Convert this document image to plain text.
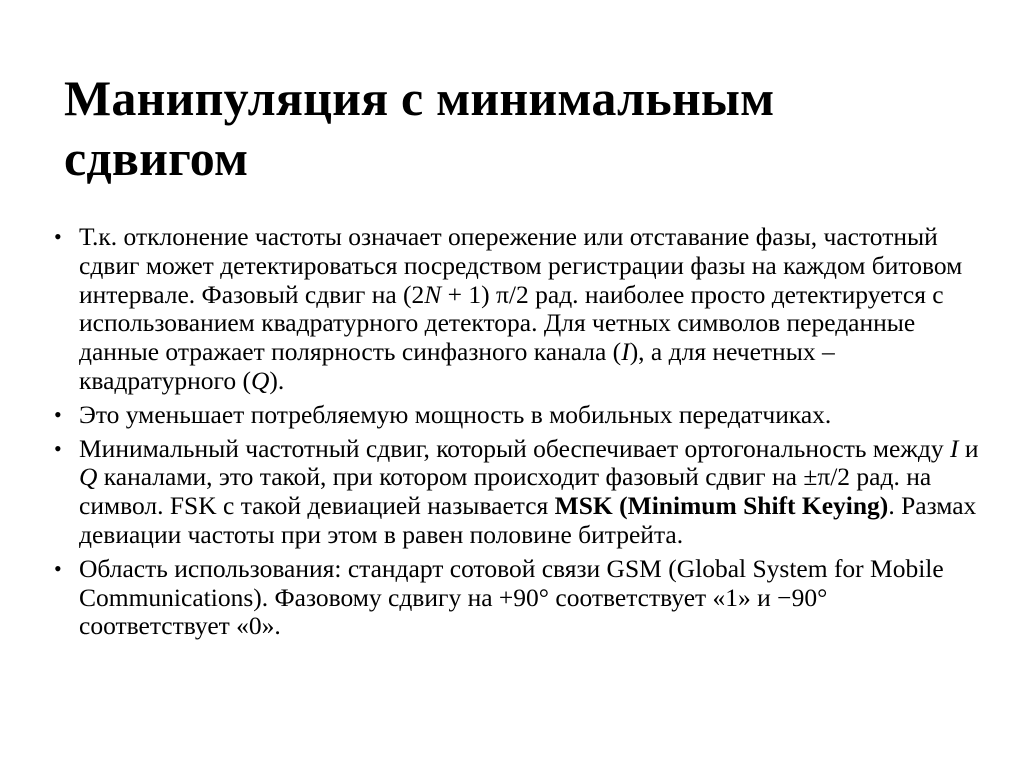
Манипуляция с минимальным
сдвигом
• Т.к. отклонение частоты означает опережение или отставание фазы, частотный сдвиг может детектироваться посредством регистрации фазы на каждом битовом интервале. Фазовый сдвиг на (2N + 1) π/2 рад. наиболее просто детектируется с использованием квадратурного детектора. Для четных символов переданные данные отражает полярность синфазного канала (I), а для нечетных – квадратурного (Q).
• Это уменьшает потребляемую мощность в мобильных передатчиках.
• Минимальный частотный сдвиг, который обеспечивает ортогональность между I и Q каналами, это такой, при котором происходит фазовый сдвиг на ±π/2 рад. на символ. FSK с такой девиацией называется MSK (Minimum Shift Keying). Размах девиации частоты при этом в равен половине битрейта.
• Область использования: стандарт сотовой связи GSM (Global System for Mobile Communications). Фазовому сдвигу на +90° соответствует «1» и −90° соответствует «0».
